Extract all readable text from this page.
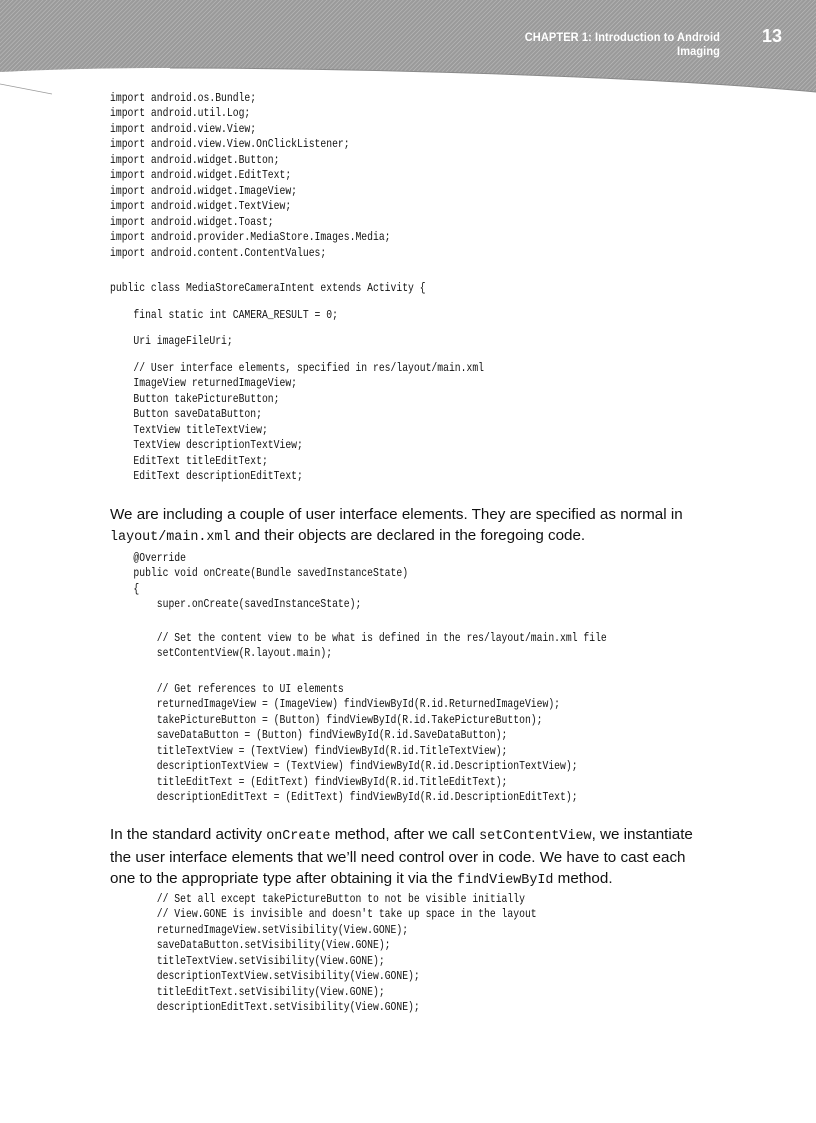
CHAPTER 1: Introduction to Android Imaging
13
import android.os.Bundle;
import android.util.Log;
import android.view.View;
import android.view.View.OnClickListener;
import android.widget.Button;
import android.widget.EditText;
import android.widget.ImageView;
import android.widget.TextView;
import android.widget.Toast;
import android.provider.MediaStore.Images.Media;
import android.content.ContentValues;
public class MediaStoreCameraIntent extends Activity {
final static int CAMERA_RESULT = 0;
Uri imageFileUri;
// User interface elements, specified in res/layout/main.xml
ImageView returnedImageView;
Button takePictureButton;
Button saveDataButton;
TextView titleTextView;
TextView descriptionTextView;
EditText titleEditText;
EditText descriptionEditText;

We are including a couple of user interface elements. They are specified as normal in layout/main.xml and their objects are declared in the foregoing code.

@Override
public void onCreate(Bundle savedInstanceState)
{
super.onCreate(savedInstanceState);
// Set the content view to be what is defined in the res/layout/main.xml file
setContentView(R.layout.main);
// Get references to UI elements
returnedImageView = (ImageView) findViewById(R.id.ReturnedImageView);
takePictureButton = (Button) findViewById(R.id.TakePictureButton);
saveDataButton = (Button) findViewById(R.id.SaveDataButton);
titleTextView = (TextView) findViewById(R.id.TitleTextView);
descriptionTextView = (TextView) findViewById(R.id.DescriptionTextView);
titleEditText = (EditText) findViewById(R.id.TitleEditText);
descriptionEditText = (EditText) findViewById(R.id.DescriptionEditText);

In the standard activity onCreate method, after we call setContentView, we instantiate the user interface elements that we’ll need control over in code. We have to cast each one to the appropriate type after obtaining it via the findViewById method.

// Set all except takePictureButton to not be visible initially
// View.GONE is invisible and doesn't take up space in the layout
returnedImageView.setVisibility(View.GONE);
saveDataButton.setVisibility(View.GONE);
titleTextView.setVisibility(View.GONE);
descriptionTextView.setVisibility(View.GONE);
titleEditText.setVisibility(View.GONE);
descriptionEditText.setVisibility(View.GONE);
